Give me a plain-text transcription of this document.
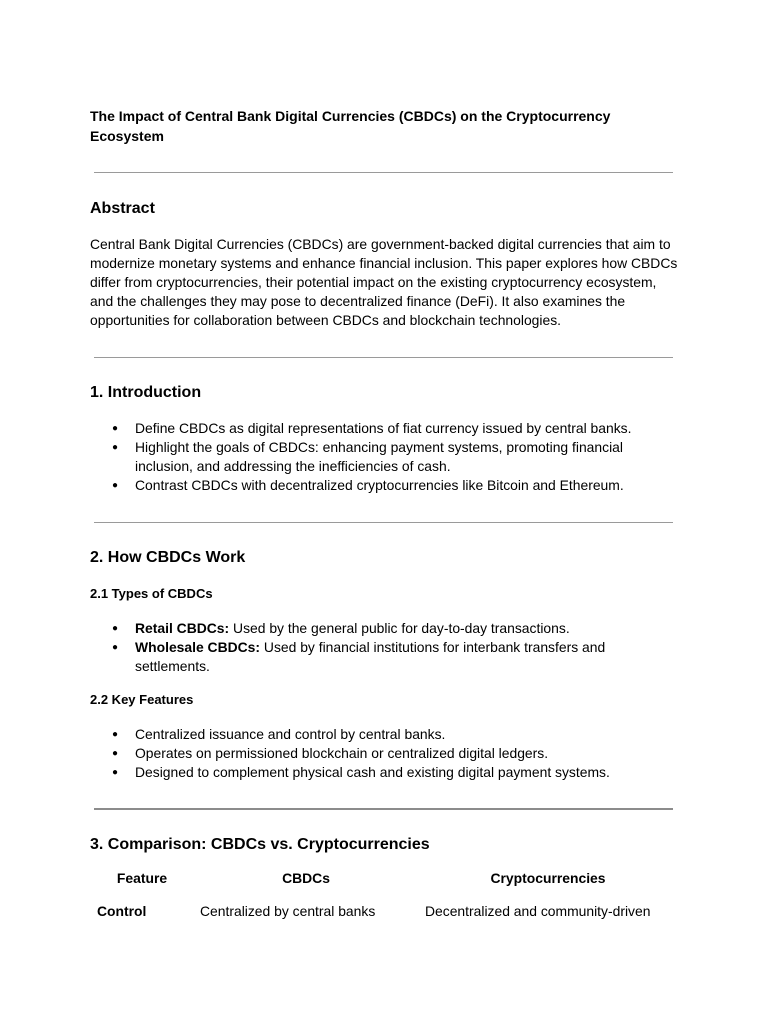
The Impact of Central Bank Digital Currencies (CBDCs) on the Cryptocurrency Ecosystem
Abstract

Central Bank Digital Currencies (CBDCs) are government-backed digital currencies that aim to modernize monetary systems and enhance financial inclusion. This paper explores how CBDCs differ from cryptocurrencies, their potential impact on the existing cryptocurrency ecosystem, and the challenges they may pose to decentralized finance (DeFi). It also examines the opportunities for collaboration between CBDCs and blockchain technologies.

1. Introduction
● Define CBDCs as digital representations of fiat currency issued by central banks.
● Highlight the goals of CBDCs: enhancing payment systems, promoting financial inclusion, and addressing the inefficiencies of cash.
● Contrast CBDCs with decentralized cryptocurrencies like Bitcoin and Ethereum.
2. How CBDCs Work
2.1 Types of CBDCs
● Retail CBDCs: Used by the general public for day-to-day transactions.
● Wholesale CBDCs: Used by financial institutions for interbank transfers and settlements.
2.2 Key Features
● Centralized issuance and control by central banks.
● Operates on permissioned blockchain or centralized digital ledgers.
● Designed to complement physical cash and existing digital payment systems.
3. Comparison: CBDCs vs. Cryptocurrencies
Feature	CBDCs	Cryptocurrencies
Control	Centralized by central banks	Decentralized and community-driven
